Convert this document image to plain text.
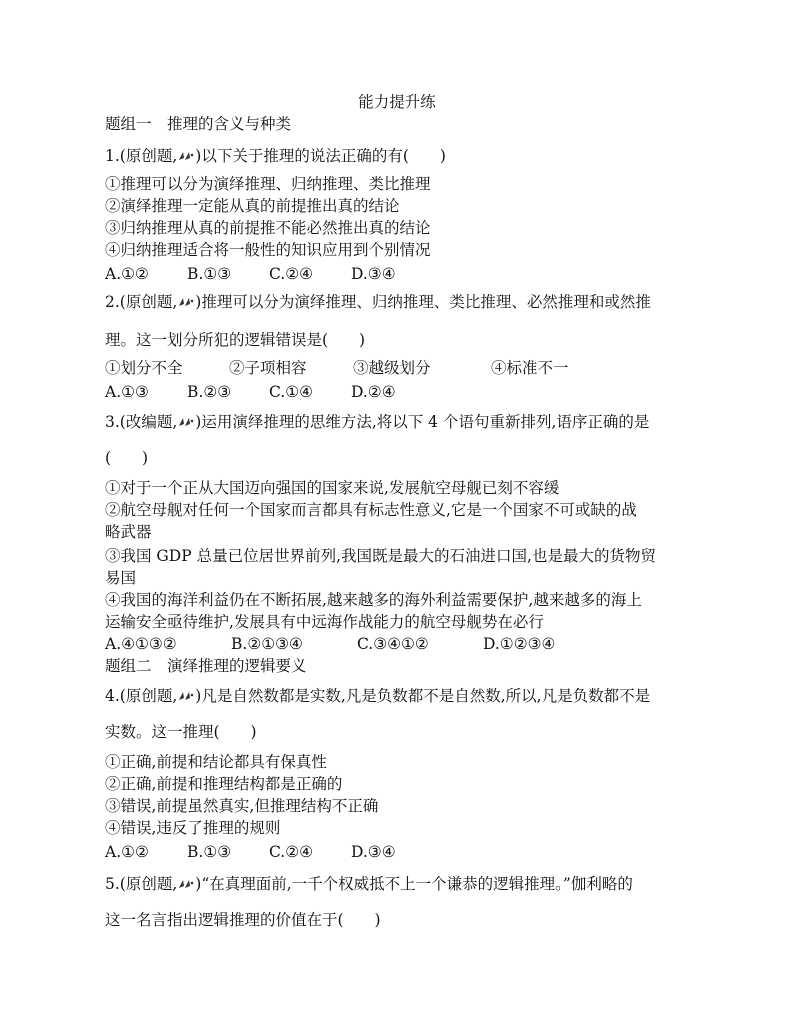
能力提升练
题组一　推理的含义与种类
1.(原创题, )以下关于推理的说法正确的有(　　)
①推理可以分为演绎推理、归纳推理、类比推理
②演绎推理一定能从真的前提推出真的结论
③归纳推理从真的前提推不能必然推出真的结论
④归纳推理适合将一般性的知识应用到个别情况
A.①② B.①③ C.②④ D.③④
2.(原创题, )推理可以分为演绎推理、归纳推理、类比推理、必然推理和或然推
理。这一划分所犯的逻辑错误是(　　)
①划分不全	②子项相容	③越级划分	④标准不一
A.①③ B.②③ C.①④ D.②④
3.(改编题, )运用演绎推理的思维方法,将以下 4 个语句重新排列,语序正确的是
(　　)
①对于一个正从大国迈向强国的国家来说,发展航空母舰已刻不容缓
②航空母舰对任何一个国家而言都具有标志性意义,它是一个国家不可或缺的战
略武器
③我国 GDP 总量已位居世界前列,我国既是最大的石油进口国,也是最大的货物贸
易国
④我国的海洋利益仍在不断拓展,越来越多的海外利益需要保护,越来越多的海上
运输安全亟待维护,发展具有中远海作战能力的航空母舰势在必行
A.④①③②	B.②①③④	C.③④①②	D.①②③④
题组二　演绎推理的逻辑要义
4.(原创题, )凡是自然数都是实数,凡是负数都不是自然数,所以,凡是负数都不是
实数。这一推理(　　)
①正确,前提和结论都具有保真性
②正确,前提和推理结构都是正确的
③错误,前提虽然真实,但推理结构不正确
④错误,违反了推理的规则
A.①② B.①③ C.②④ D.③④
5.(原创题, )“在真理面前,一千个权威抵不上一个谦恭的逻辑推理。”伽利略的
这一名言指出逻辑推理的价值在于(　　)
